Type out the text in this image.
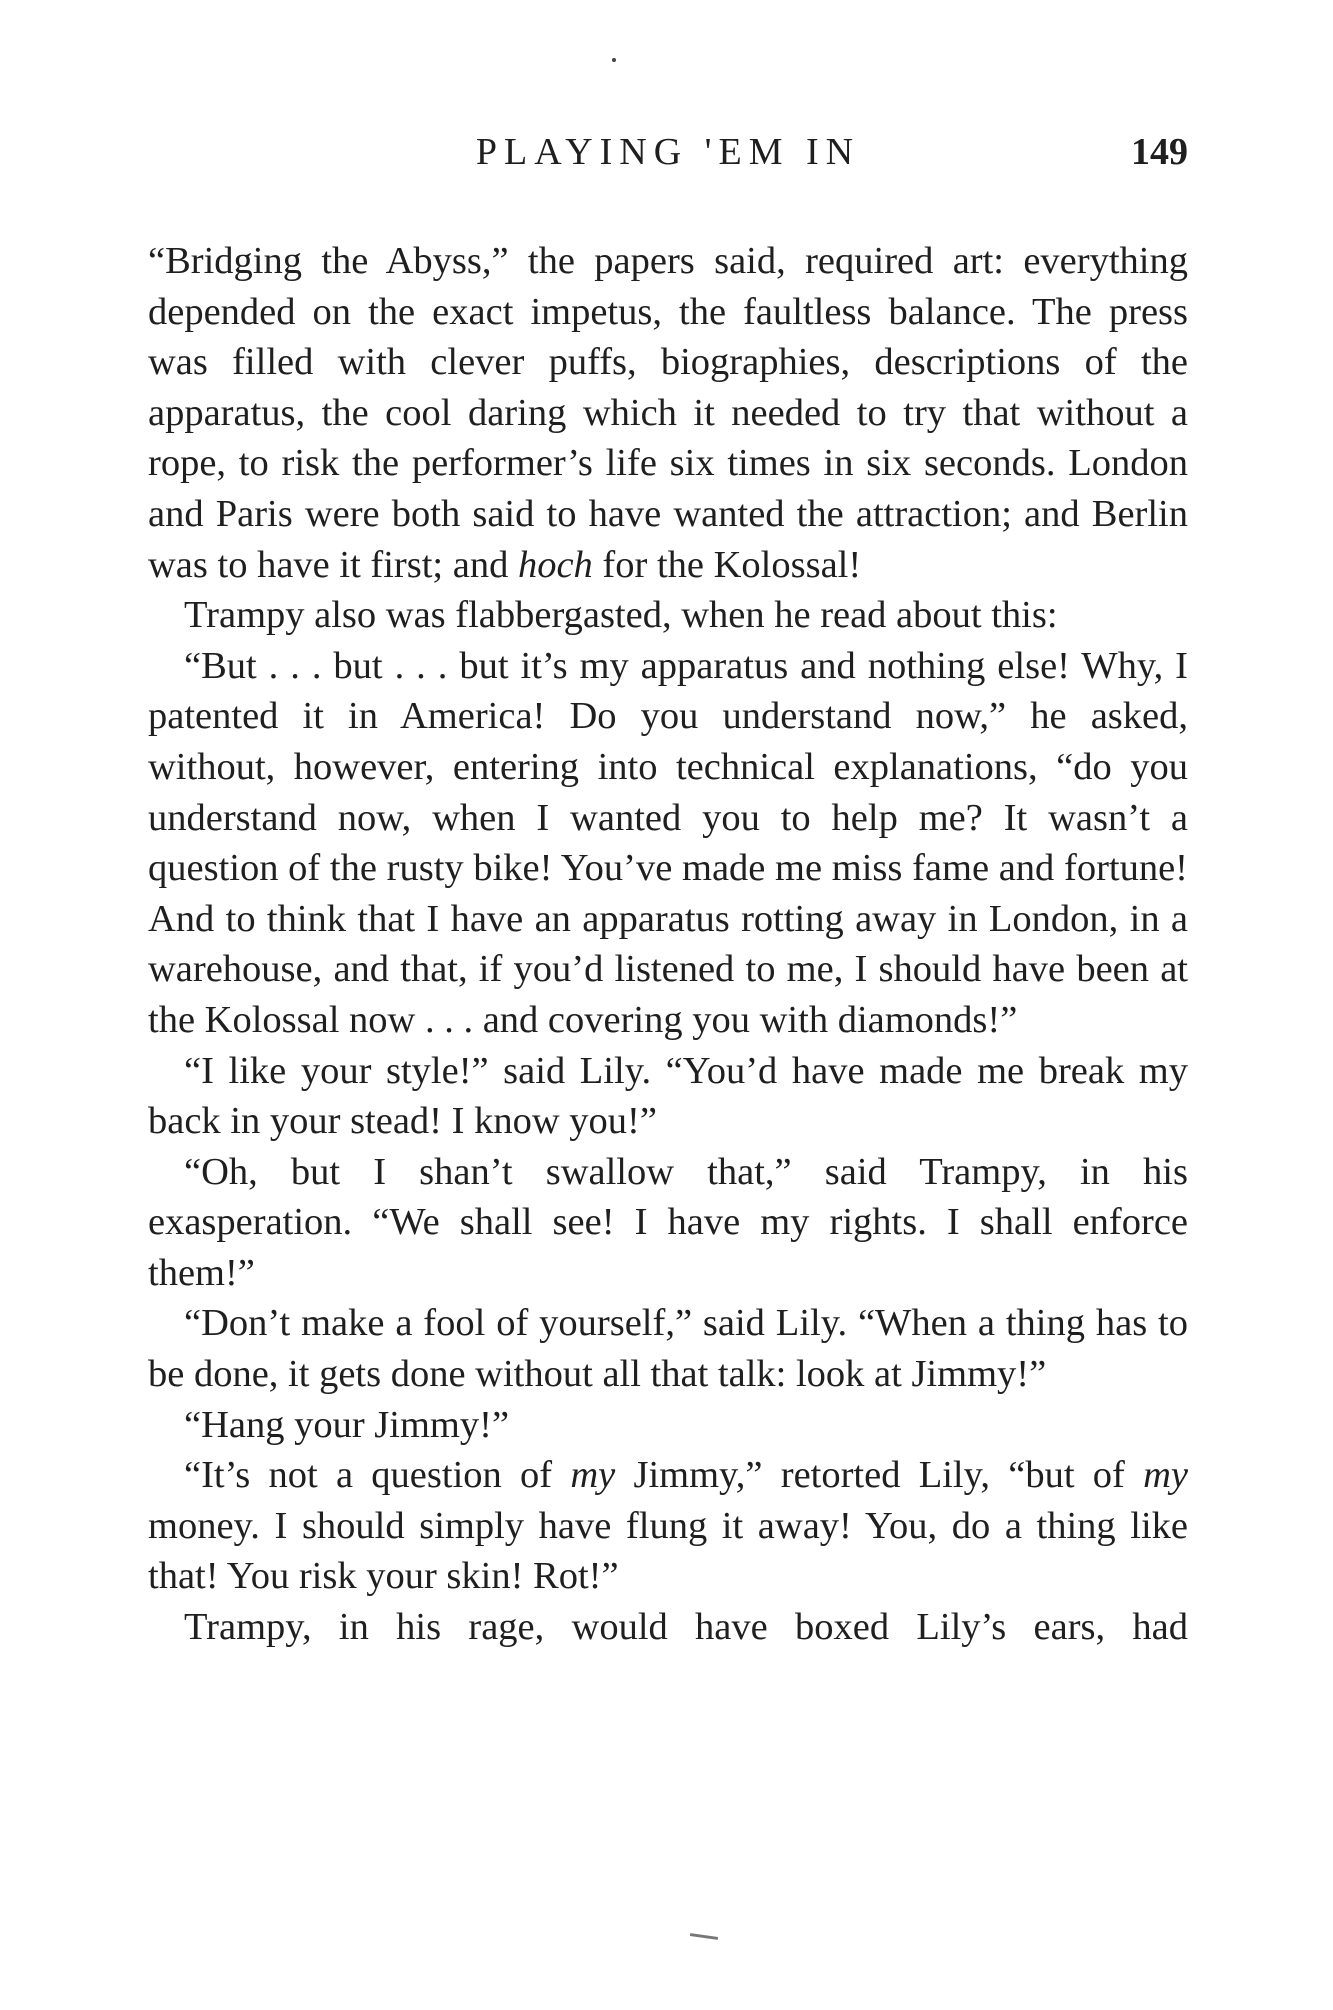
PLAYING 'EM IN	149

“Bridging the Abyss,” the papers said, required art: everything depended on the exact impetus, the faultless balance. The press was filled with clever puffs, biographies, descriptions of the apparatus, the cool daring which it needed to try that without a rope, to risk the performer’s life six times in six seconds. London and Paris were both said to have wanted the attraction; and Berlin was to have it first; and hoch for the Kolossal!

Trampy also was flabbergasted, when he read about this:

“But . . . but . . . but it’s my apparatus and nothing else! Why, I patented it in America! Do you understand now,” he asked, without, however, entering into technical explanations, “do you understand now, when I wanted you to help me? It wasn’t a question of the rusty bike! You’ve made me miss fame and fortune! And to think that I have an apparatus rotting away in London, in a warehouse, and that, if you’d listened to me, I should have been at the Kolossal now . . . and covering you with diamonds!”

“I like your style!” said Lily. “You’d have made me break my back in your stead! I know you!”

“Oh, but I shan’t swallow that,” said Trampy, in his exasperation. “We shall see! I have my rights. I shall enforce them!”

“Don’t make a fool of yourself,” said Lily. “When a thing has to be done, it gets done without all that talk: look at Jimmy!”

“Hang your Jimmy!”

“It’s not a question of my Jimmy,” retorted Lily, “but of my money. I should simply have flung it away! You, do a thing like that! You risk your skin! Rot!”

Trampy, in his rage, would have boxed Lily’s ears, had
